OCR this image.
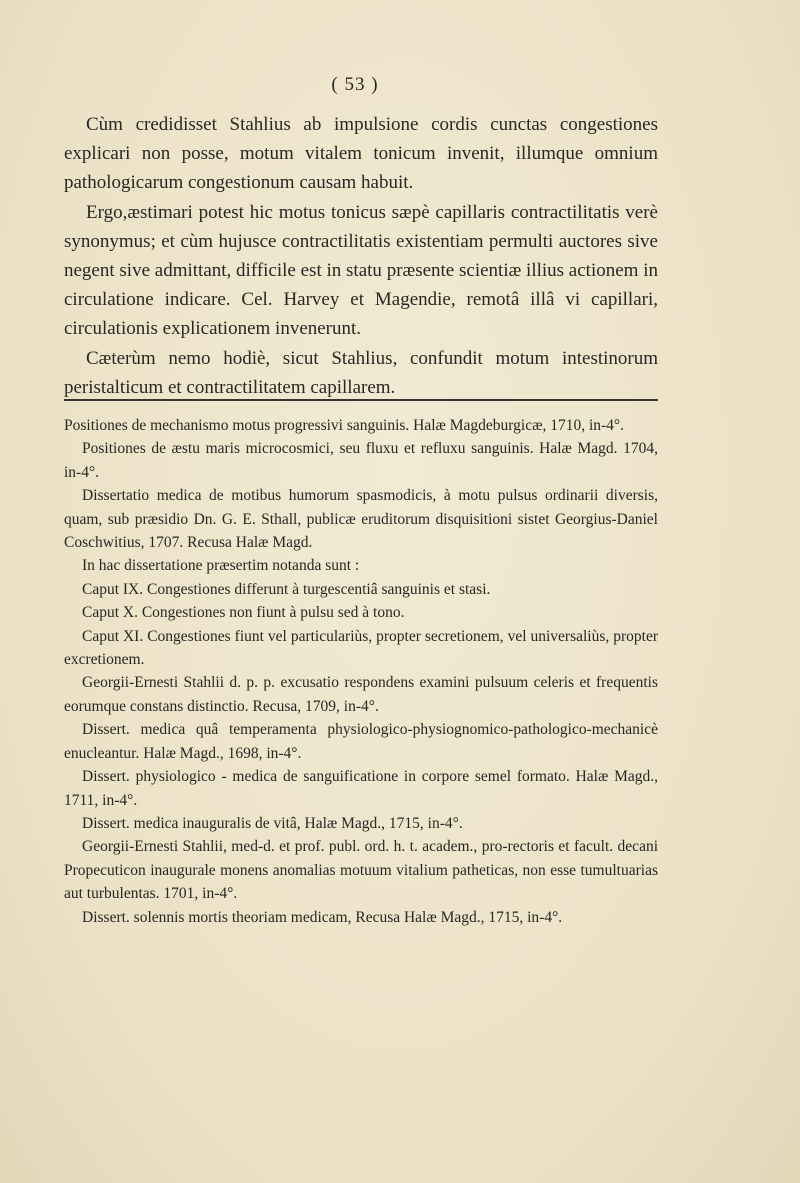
( 53 )

Cùm credidisset Stahlius ab impulsione cordis cunctas congestiones explicari non posse, motum vitalem tonicum invenit, illumque omnium pathologicarum congestionum causam habuit.

Ergo,æstimari potest hic motus tonicus sæpè capillaris contractilitatis verè synonymus; et cùm hujusce contractilitatis existentiam permulti auctores sive negent sive admittant, difficile est in statu præsente scientiæ illius actionem in circulatione indicare. Cel. Harvey et Magendie, remotâ illâ vi capillari, circulationis explicationem invenerunt.

Cæterùm nemo hodiè, sicut Stahlius, confundit motum intestinorum peristalticum et contractilitatem capillarem.

Positiones de mechanismo motus progressivi sanguinis. Halæ Magdeburgicæ, 1710, in-4°.

Positiones de æstu maris microcosmici, seu fluxu et refluxu sanguinis. Halæ Magd. 1704, in-4°.

Dissertatio medica de motibus humorum spasmodicis, à motu pulsus ordinarii diversis, quam, sub præsidio Dn. G. E. Sthall, publicæ eruditorum disquisitioni sistet Georgius-Daniel Coschwitius, 1707. Recusa Halæ Magd.

In hac dissertatione præsertim notanda sunt :

Caput IX. Congestiones differunt à turgescentiâ sanguinis et stasi.

Caput X. Congestiones non fiunt à pulsu sed à tono.

Caput XI. Congestiones fiunt vel particulariùs, propter secretionem, vel universaliùs, propter excretionem.

Georgii-Ernesti Stahlii d. p. p. excusatio respondens examini pulsuum celeris et frequentis eorumque constans distinctio. Recusa, 1709, in-4°.

Dissert. medica quâ temperamenta physiologico-physiognomico-pathologico-mechanicè enucleantur. Halæ Magd., 1698, in-4°.

Dissert. physiologico - medica de sanguificatione in corpore semel formato. Halæ Magd., 1711, in-4°.

Dissert. medica inauguralis de vitâ, Halæ Magd., 1715, in-4°.

Georgii-Ernesti Stahlii, med-d. et prof. publ. ord. h. t. academ., pro-rectoris et facult. decani Propecuticon inaugurale monens anomalias motuum vitalium patheticas, non esse tumultuarias aut turbulentas. 1701, in-4°.

Dissert. solennis mortis theoriam medicam, Recusa Halæ Magd., 1715, in-4°.
